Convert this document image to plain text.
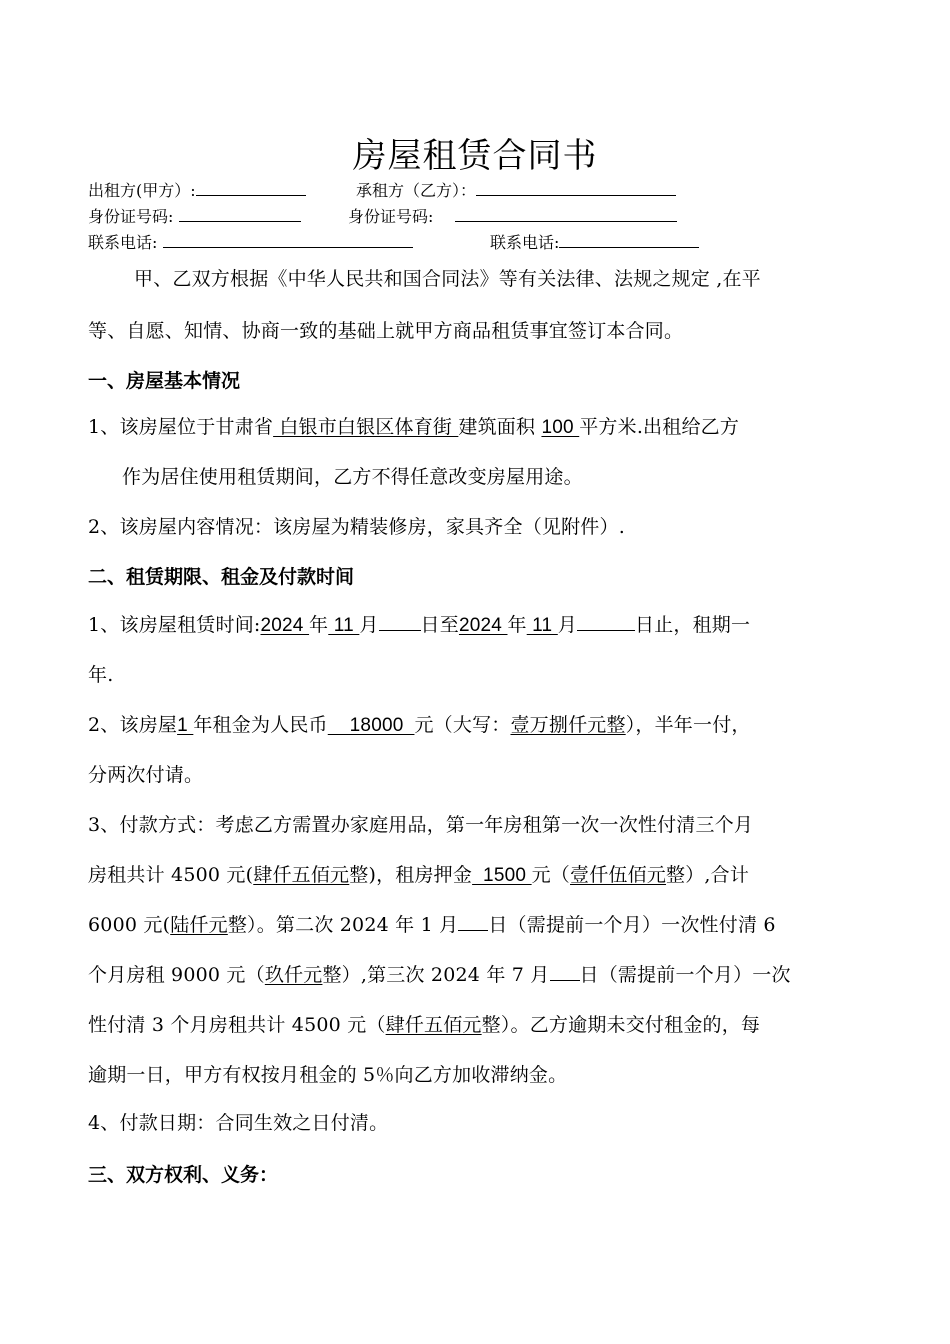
房屋租赁合同书
出租方(甲方）:	承租方（乙方）：
身份证号码:	身份证号码:
联系电话:	联系电话:
甲、乙双方根据《中华人民共和国合同法》等有关法律、法规之规定 ,在平
等、自愿、知情、协商一致的基础上就甲方商品租赁事宜签订本合同。
一、房屋基本情况
1、该房屋位于甘肃省 白银市白银区体育街 建筑面积 100 平方米.出租给乙方
作为居住使用租赁期间，乙方不得任意改变房屋用途。
2、该房屋内容情况：该房屋为精装修房，家具齐全（见附件）.
二、租赁期限、租金及付款时间
1、该房屋租赁时间:2024 年 11 月 日至2024 年 11 月	日止，租期一
年.
2、该房屋1 年租金为人民币    18000  元（大写：壹万捌仟元整），半年一付，
分两次付请。
3、付款方式：考虑乙方需置办家庭用品，第一年房租第一次一次性付清三个月
房租共计 4500 元(肆仟五佰元整)，租房押金  1500 元（壹仟伍佰元整）,合计
6000 元(陆仟元整）。第二次 2024 年 1 月 日（需提前一个月）一次性付清 6
个月房租 9000 元（玖仟元整）,第三次 2024 年 7 月 日（需提前一个月）一次
性付清 3 个月房租共计 4500 元（肆仟五佰元整）。乙方逾期未交付租金的，每
逾期一日，甲方有权按月租金的 5％向乙方加收滞纳金。
4、付款日期：合同生效之日付清。
三、双方权利、义务：
